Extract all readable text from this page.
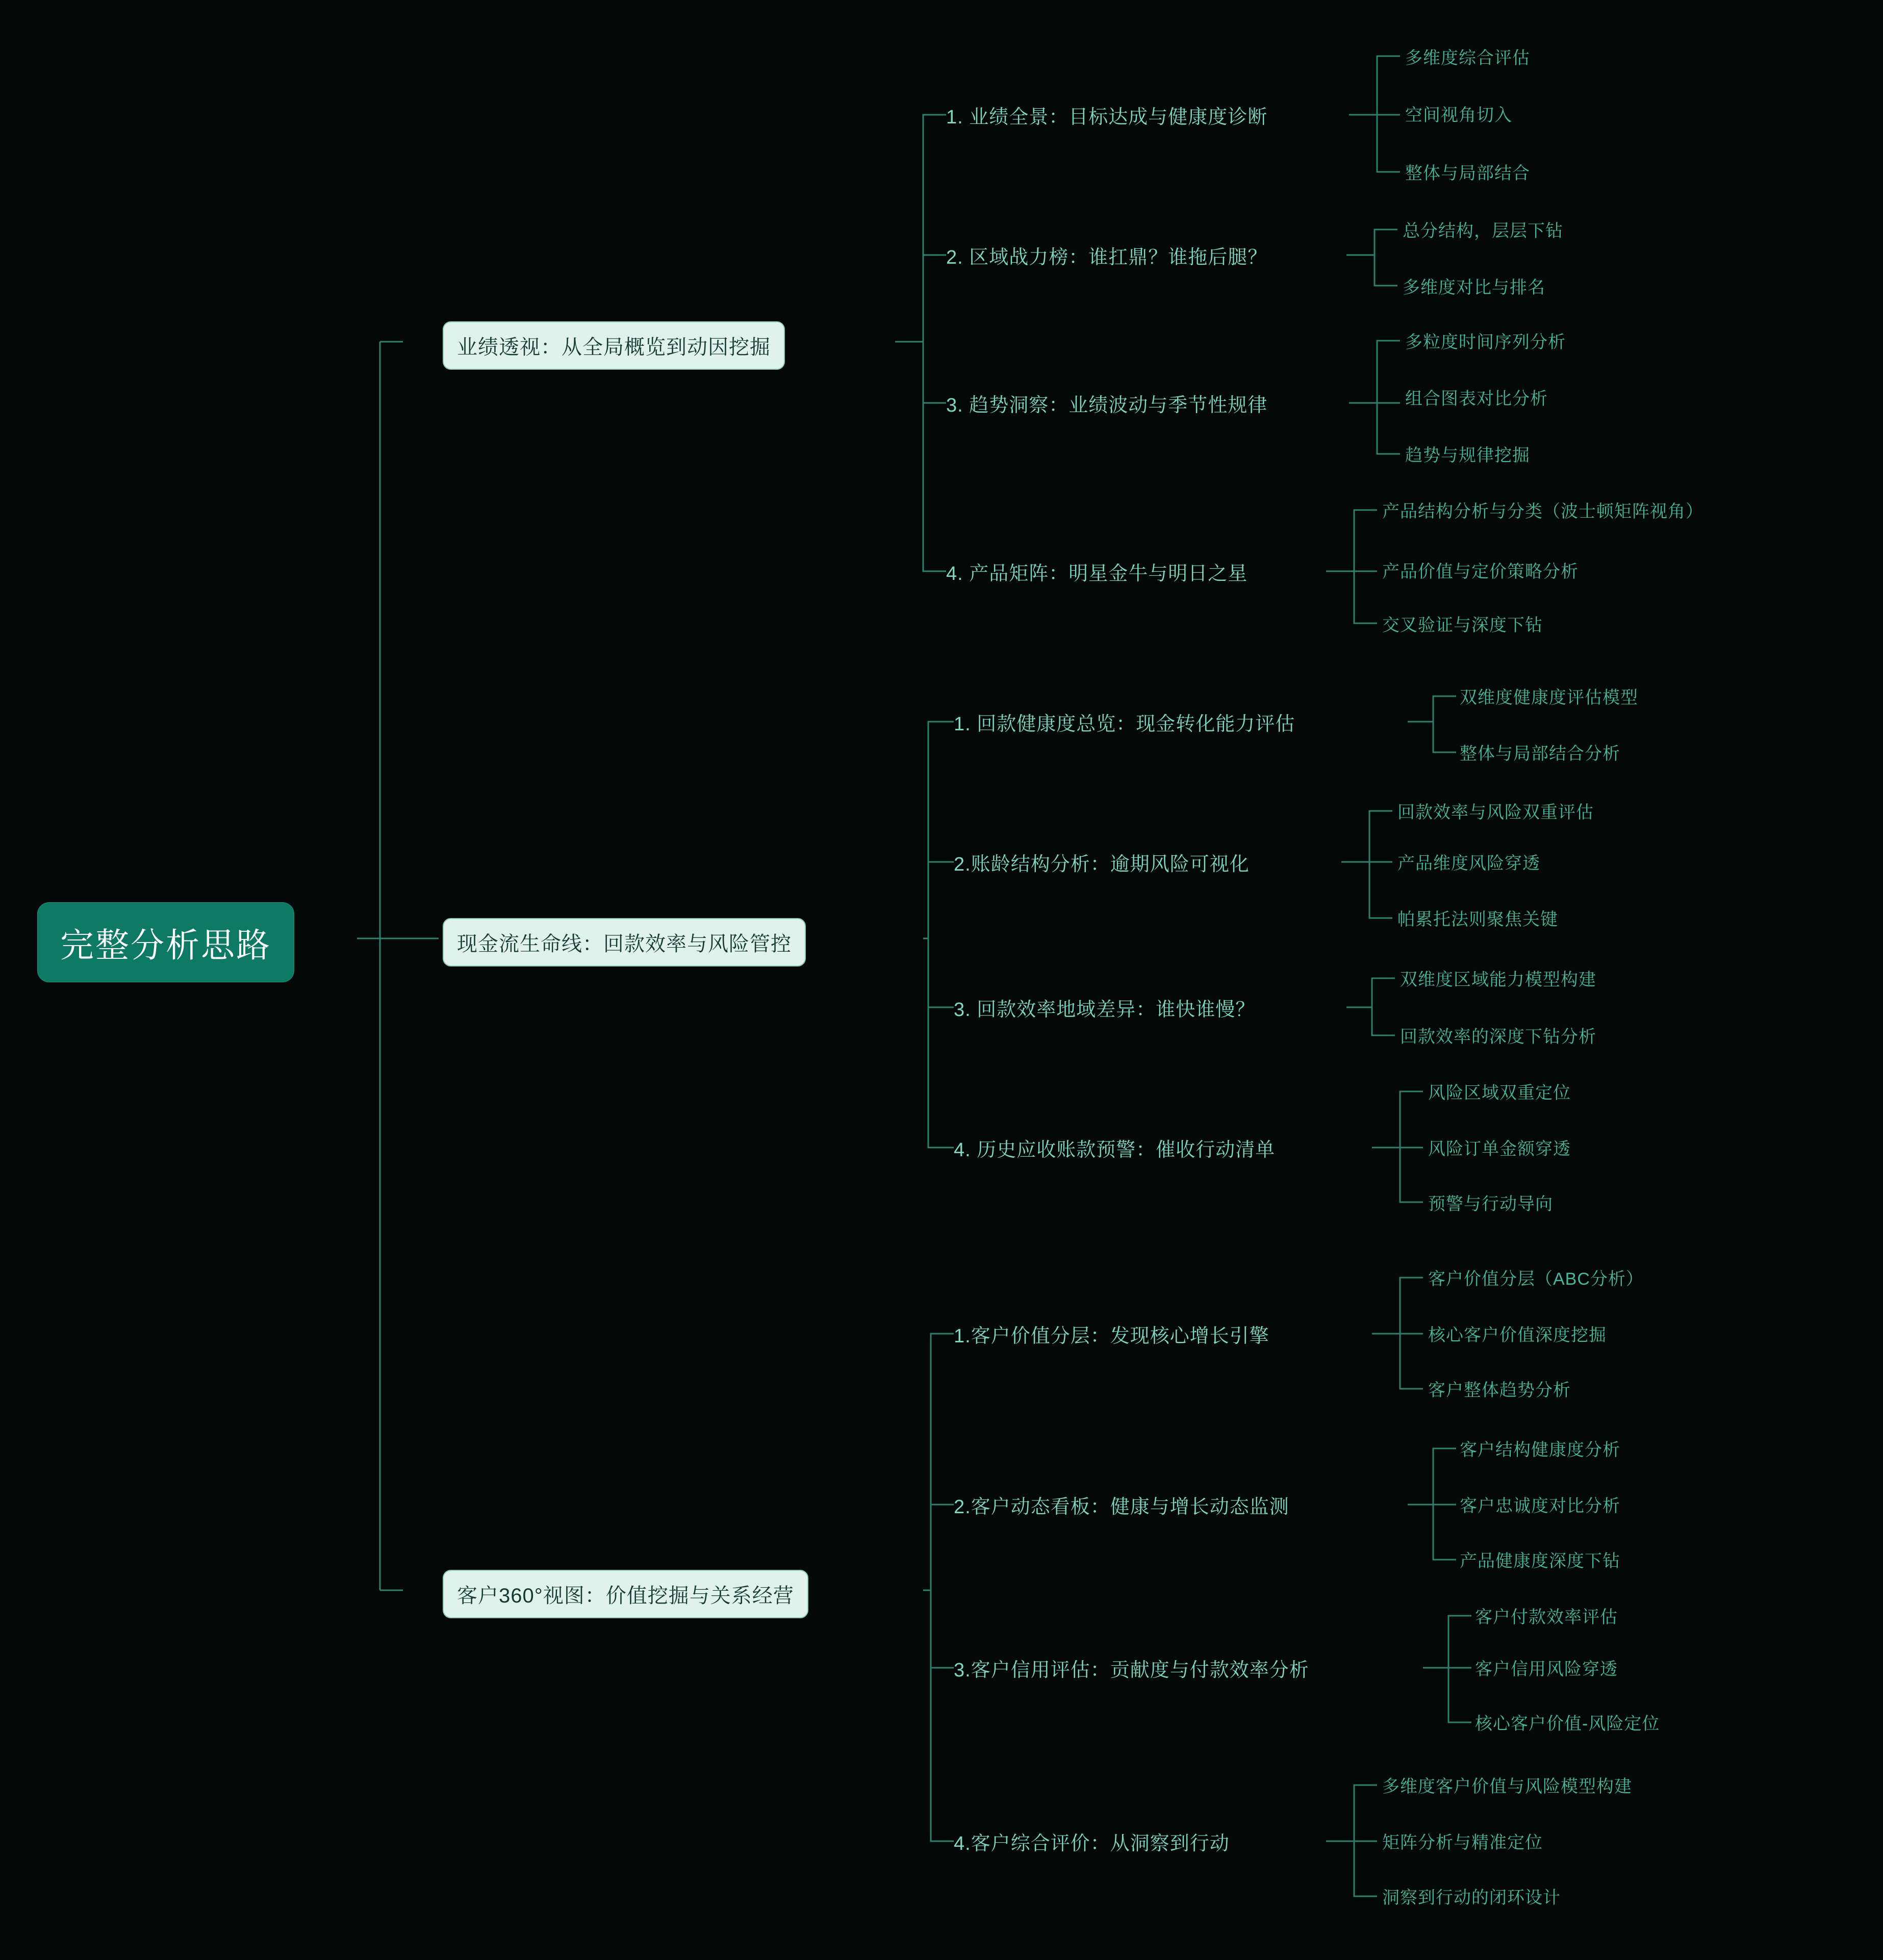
完整分析思路
业绩透视：从全局概览到动因挖掘
1. 业绩全景：目标达成与健康度诊断
多维度综合评估
空间视角切入
整体与局部结合
2. 区域战力榜：谁扛鼎？谁拖后腿？
总分结构，层层下钻
多维度对比与排名
3. 趋势洞察：业绩波动与季节性规律
多粒度时间序列分析
组合图表对比分析
趋势与规律挖掘
4. 产品矩阵：明星金牛与明日之星
产品结构分析与分类（波士顿矩阵视角）
产品价值与定价策略分析
交叉验证与深度下钻
现金流生命线：回款效率与风险管控
1. 回款健康度总览：现金转化能力评估
双维度健康度评估模型
整体与局部结合分析
2.账龄结构分析：逾期风险可视化
回款效率与风险双重评估
产品维度风险穿透
帕累托法则聚焦关键
3. 回款效率地域差异：谁快谁慢？
双维度区域能力模型构建
回款效率的深度下钻分析
4. 历史应收账款预警：催收行动清单
风险区域双重定位
风险订单金额穿透
预警与行动导向
客户360°视图：价值挖掘与关系经营
1.客户价值分层：发现核心增长引擎
客户价值分层（ABC分析）
核心客户价值深度挖掘
客户整体趋势分析
2.客户动态看板：健康与增长动态监测
客户结构健康度分析
客户忠诚度对比分析
产品健康度深度下钻
3.客户信用评估：贡献度与付款效率分析
客户付款效率评估
客户信用风险穿透
核心客户价值-风险定位
4.客户综合评价：从洞察到行动
多维度客户价值与风险模型构建
矩阵分析与精准定位
洞察到行动的闭环设计
